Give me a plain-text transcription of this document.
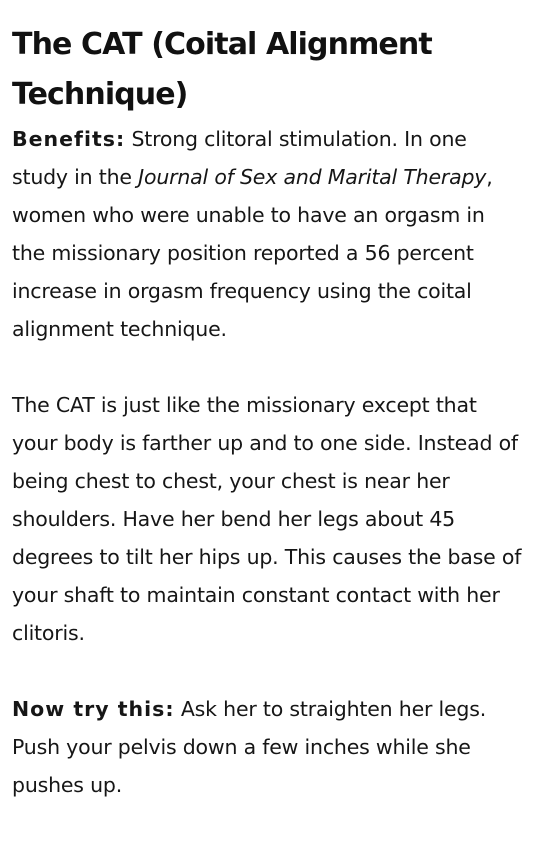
The CAT (Coital Alignment Technique)

Benefits: Strong clitoral stimulation. In one study in the Journal of Sex and Marital Therapy, women who were unable to have an orgasm in the missionary position reported a 56 percent increase in orgasm frequency using the coital alignment technique.

The CAT is just like the missionary except that your body is farther up and to one side. Instead of being chest to chest, your chest is near her shoulders. Have her bend her legs about 45 degrees to tilt her hips up. This causes the base of your shaft to maintain constant contact with her clitoris.

Now try this: Ask her to straighten her legs. Push your pelvis down a few inches while she pushes up.
